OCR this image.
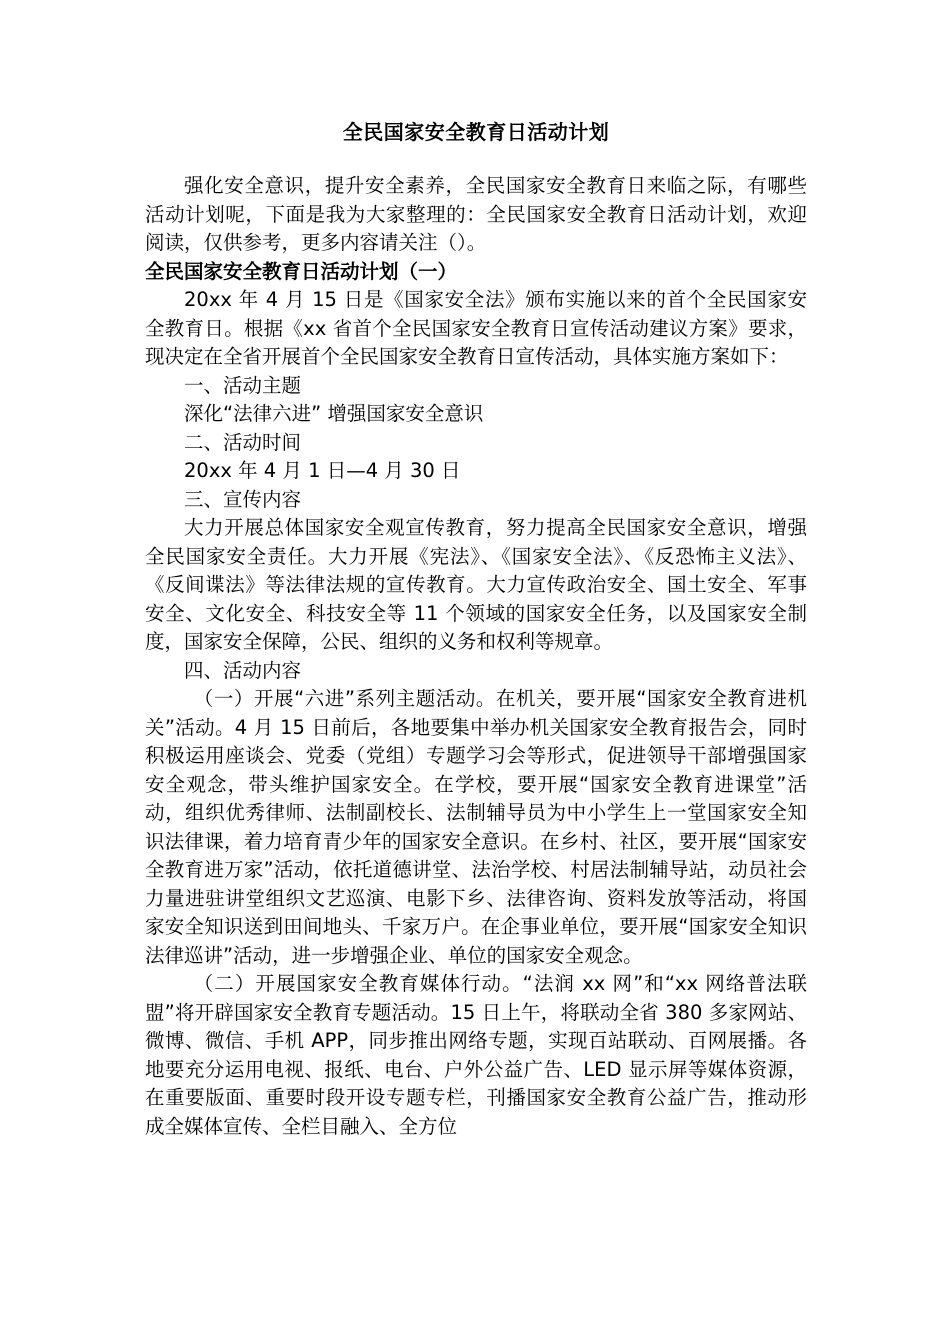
全民国家安全教育日活动计划

强化安全意识，提升安全素养，全民国家安全教育日来临之际，有哪些活动计划呢，下面是我为大家整理的：全民国家安全教育日活动计划，欢迎阅读，仅供参考，更多内容请关注（）。

全民国家安全教育日活动计划（一）

20xx 年 4 月 15 日是《国家安全法》颁布实施以来的首个全民国家安全教育日。根据《xx 省首个全民国家安全教育日宣传活动建议方案》要求，现决定在全省开展首个全民国家安全教育日宣传活动，具体实施方案如下：

一、活动主题

深化“法律六进” 增强国家安全意识

二、活动时间

20xx 年 4 月 1 日—4 月 30 日

三、宣传内容

大力开展总体国家安全观宣传教育，努力提高全民国家安全意识，增强全民国家安全责任。大力开展《宪法》、《国家安全法》、《反恐怖主义法》、《反间谍法》等法律法规的宣传教育。大力宣传政治安全、国土安全、军事安全、文化安全、科技安全等 11 个领域的国家安全任务，以及国家安全制度，国家安全保障，公民、组织的义务和权利等规章。

四、活动内容

（一）开展“六进”系列主题活动。在机关，要开展“国家安全教育进机关”活动。4 月 15 日前后，各地要集中举办机关国家安全教育报告会，同时积极运用座谈会、党委（党组）专题学习会等形式，促进领导干部增强国家安全观念，带头维护国家安全。在学校，要开展“国家安全教育进课堂”活动，组织优秀律师、法制副校长、法制辅导员为中小学生上一堂国家安全知识法律课，着力培育青少年的国家安全意识。在乡村、社区，要开展“国家安全教育进万家”活动，依托道德讲堂、法治学校、村居法制辅导站，动员社会力量进驻讲堂组织文艺巡演、电影下乡、法律咨询、资料发放等活动，将国家安全知识送到田间地头、千家万户。在企事业单位，要开展“国家安全知识法律巡讲”活动，进一步增强企业、单位的国家安全观念。

（二）开展国家安全教育媒体行动。“法润 xx 网”和“xx 网络普法联盟”将开辟国家安全教育专题活动。15 日上午，将联动全省 380 多家网站、微博、微信、手机 APP，同步推出网络专题，实现百站联动、百网展播。各地要充分运用电视、报纸、电台、户外公益广告、LED 显示屏等媒体资源，在重要版面、重要时段开设专题专栏，刊播国家安全教育公益广告，推动形成全媒体宣传、全栏目融入、全方位
